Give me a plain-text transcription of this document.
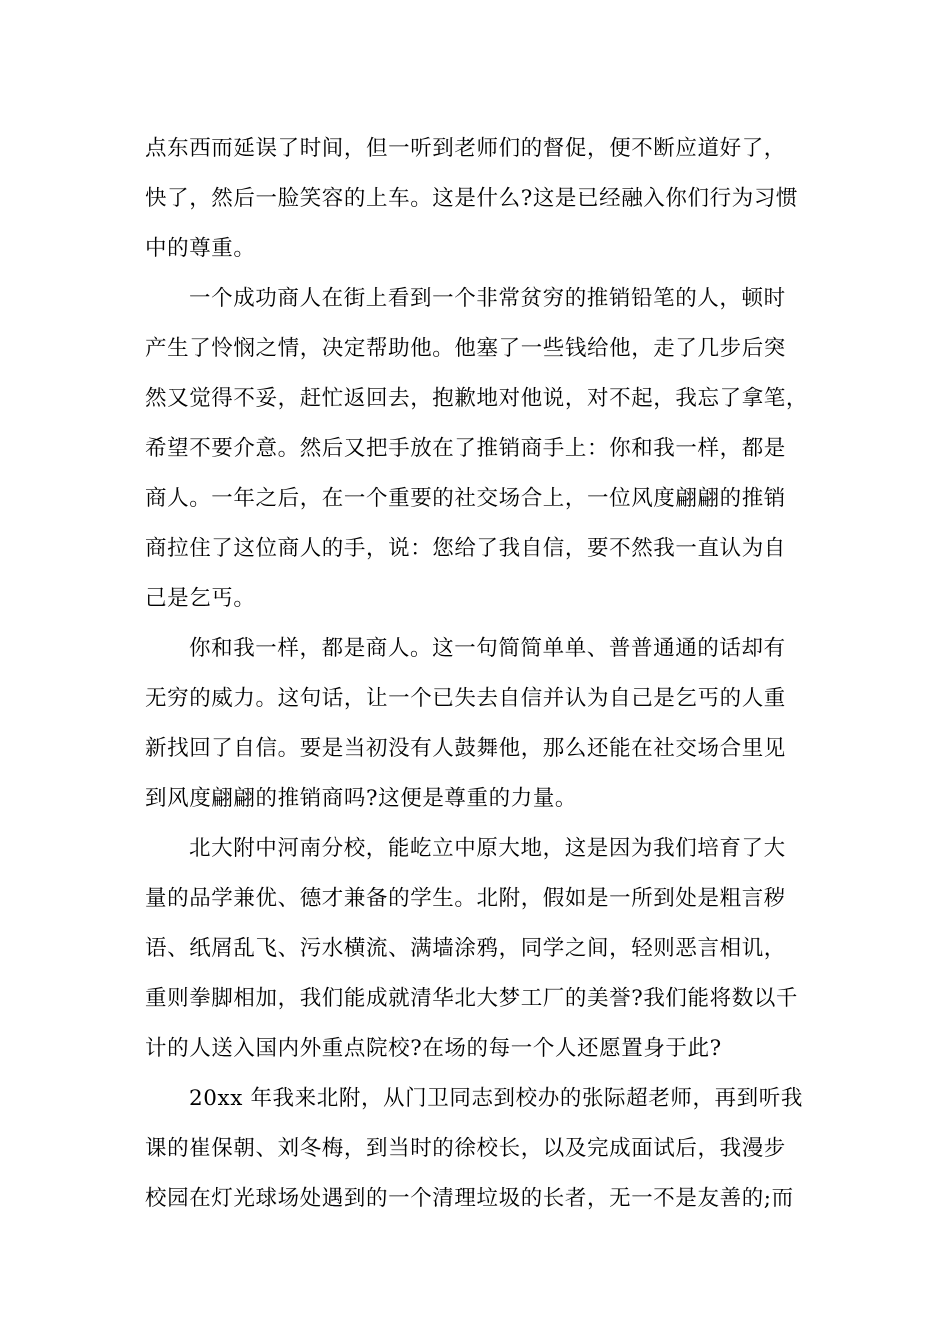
点东西而延误了时间，但一听到老师们的督促，便不断应道好了，
快了，然后一脸笑容的上车。这是什么?这是已经融入你们行为习惯
中的尊重。
一个成功商人在街上看到一个非常贫穷的推销铅笔的人，顿时
产生了怜悯之情，决定帮助他。他塞了一些钱给他，走了几步后突
然又觉得不妥，赶忙返回去，抱歉地对他说，对不起，我忘了拿笔，
希望不要介意。然后又把手放在了推销商手上：你和我一样，都是
商人。一年之后，在一个重要的社交场合上，一位风度翩翩的推销
商拉住了这位商人的手，说：您给了我自信，要不然我一直认为自
己是乞丐。
你和我一样，都是商人。这一句简简单单、普普通通的话却有
无穷的威力。这句话，让一个已失去自信并认为自己是乞丐的人重
新找回了自信。要是当初没有人鼓舞他，那么还能在社交场合里见
到风度翩翩的推销商吗?这便是尊重的力量。
北大附中河南分校，能屹立中原大地，这是因为我们培育了大
量的品学兼优、德才兼备的学生。北附，假如是一所到处是粗言秽
语、纸屑乱飞、污水横流、满墙涂鸦，同学之间，轻则恶言相讥，
重则拳脚相加，我们能成就清华北大梦工厂的美誉?我们能将数以千
计的人送入国内外重点院校?在场的每一个人还愿置身于此?
20xx 年我来北附，从门卫同志到校办的张际超老师，再到听我
课的崔保朝、刘冬梅，到当时的徐校长，以及完成面试后，我漫步
校园在灯光球场处遇到的一个清理垃圾的长者，无一不是友善的;而
